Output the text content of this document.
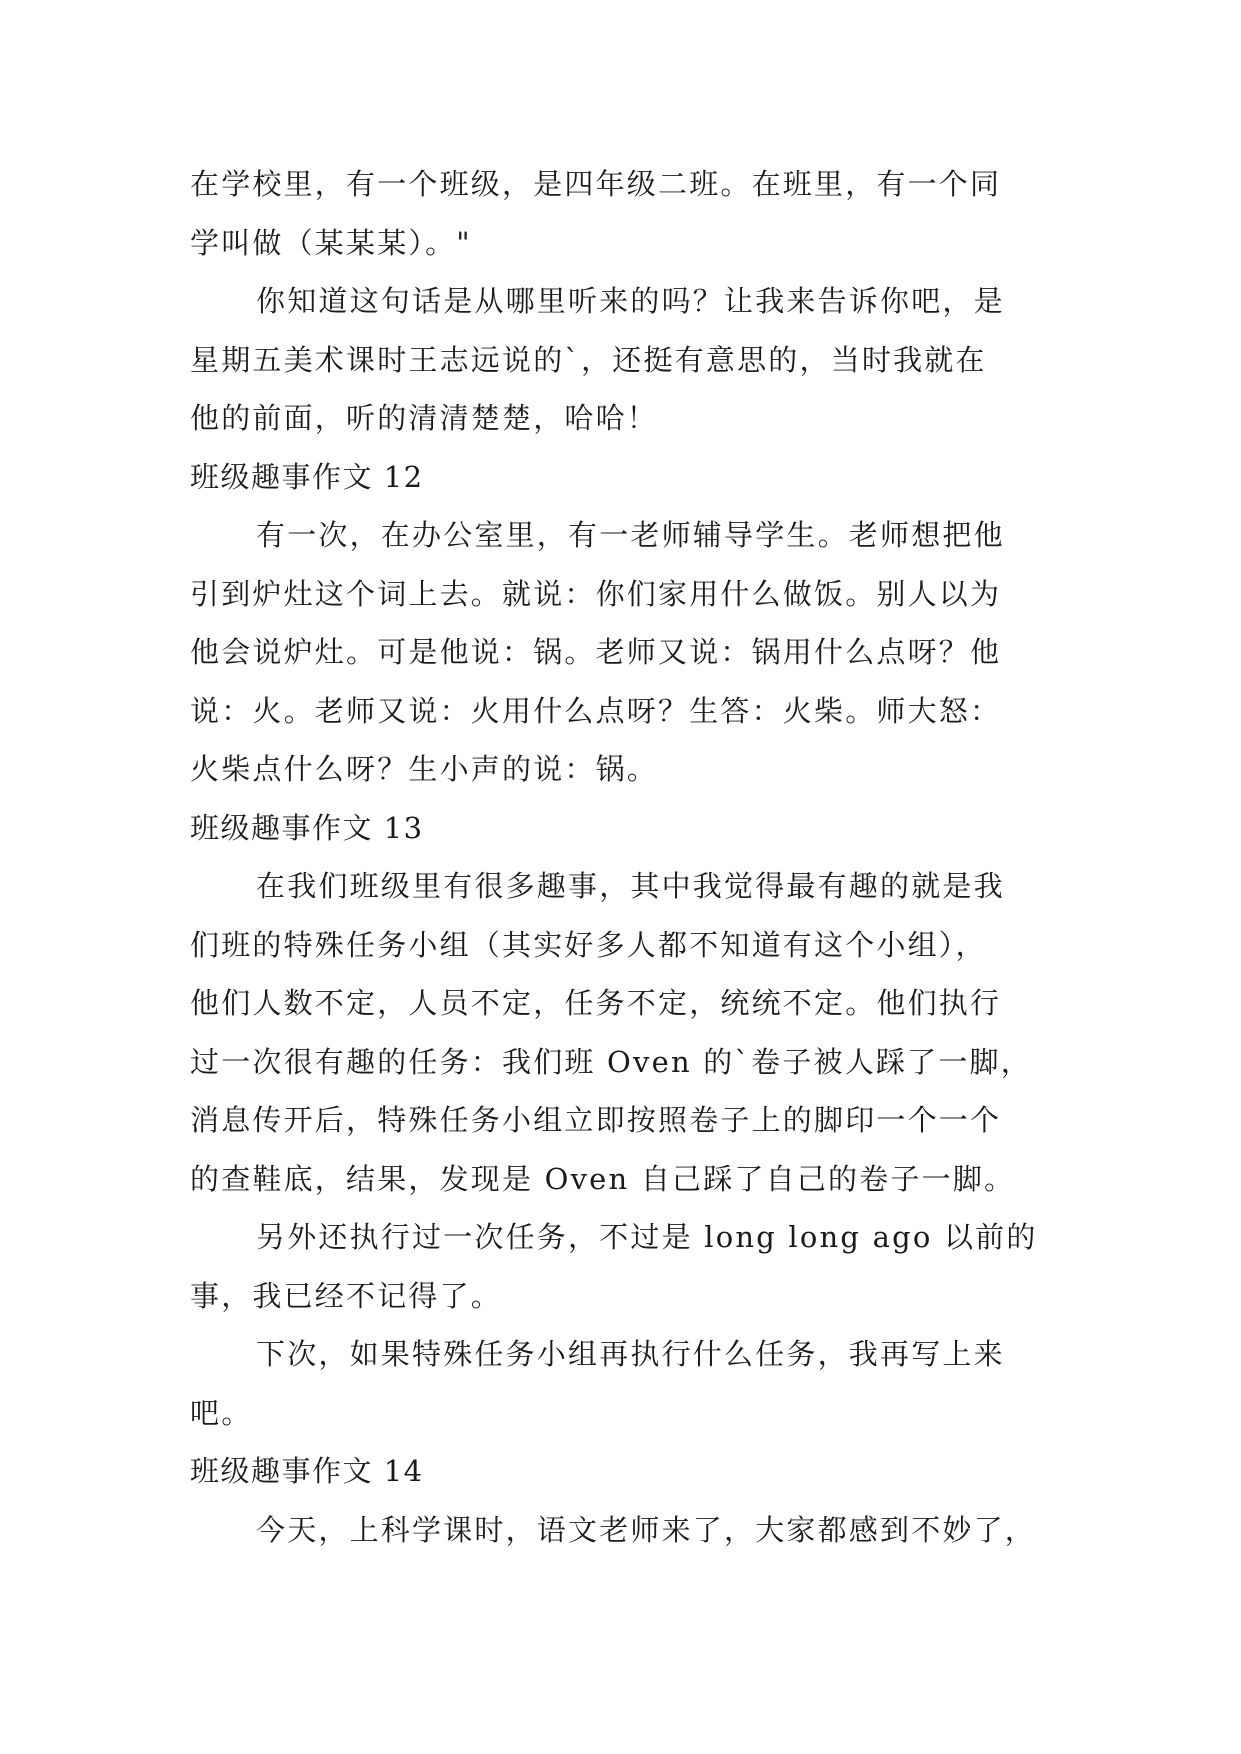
在学校里，有一个班级，是四年级二班。在班里，有一个同
学叫做（某某某）。"
你知道这句话是从哪里听来的吗？让我来告诉你吧，是
星期五美术课时王志远说的`，还挺有意思的，当时我就在
他的前面，听的清清楚楚，哈哈！
班级趣事作文 12
有一次，在办公室里，有一老师辅导学生。老师想把他
引到炉灶这个词上去。就说：你们家用什么做饭。别人以为
他会说炉灶。可是他说：锅。老师又说：锅用什么点呀？他
说：火。老师又说：火用什么点呀？生答：火柴。师大怒：
火柴点什么呀？生小声的说：锅。
班级趣事作文 13
在我们班级里有很多趣事，其中我觉得最有趣的就是我
们班的特殊任务小组（其实好多人都不知道有这个小组），
他们人数不定，人员不定，任务不定，统统不定。他们执行
过一次很有趣的任务：我们班 Oven 的`卷子被人踩了一脚，
消息传开后，特殊任务小组立即按照卷子上的脚印一个一个
的查鞋底，结果，发现是 Oven 自己踩了自己的卷子一脚。
另外还执行过一次任务，不过是 long long ago 以前的
事，我已经不记得了。
下次，如果特殊任务小组再执行什么任务，我再写上来
吧。
班级趣事作文 14
今天，上科学课时，语文老师来了，大家都感到不妙了，
